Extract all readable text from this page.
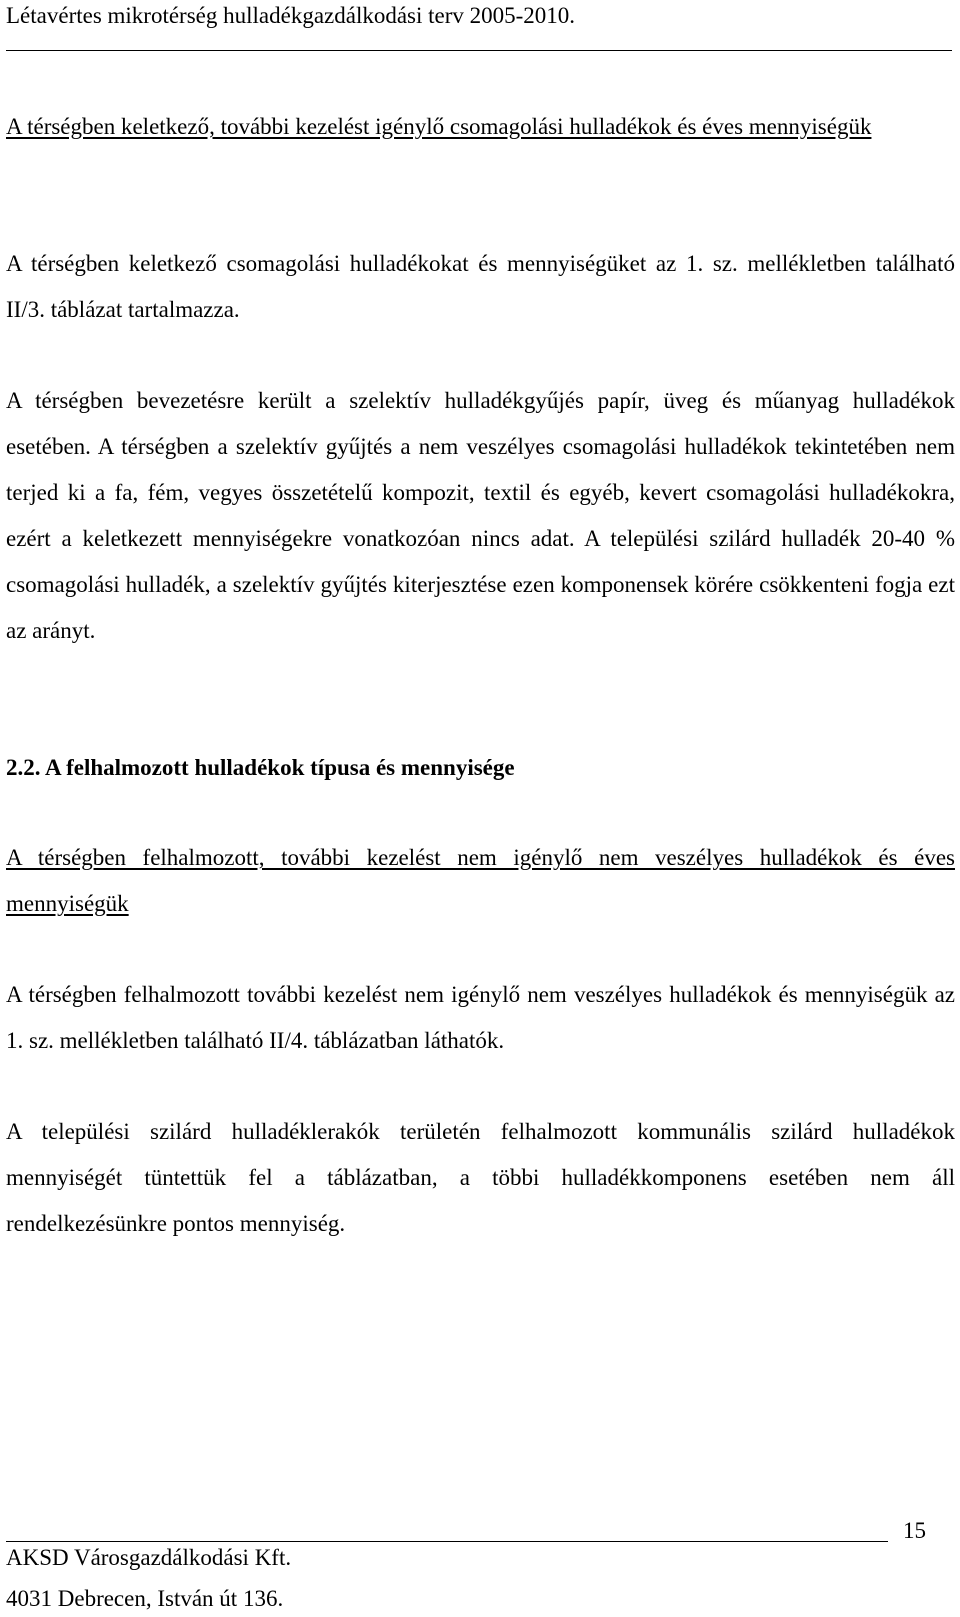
Létavértes mikrotérség hulladékgazdálkodási terv 2005-2010.

A térségben keletkező, további kezelést igénylő csomagolási hulladékok és éves mennyiségük

A térségben keletkező csomagolási hulladékokat és mennyiségüket az 1. sz. mellékletben található II/3. táblázat tartalmazza.

A térségben bevezetésre került a szelektív hulladékgyűjés papír, üveg és műanyag hulladékok esetében. A térségben a szelektív gyűjtés a nem veszélyes csomagolási hulladékok tekintetében nem terjed ki a fa, fém, vegyes összetételű kompozit, textil és egyéb, kevert csomagolási hulladékokra, ezért a keletkezett mennyiségekre vonatkozóan nincs adat. A települési szilárd hulladék 20-40 % csomagolási hulladék, a szelektív gyűjtés kiterjesztése ezen komponensek körére csökkenteni fogja ezt az arányt.

2.2. A felhalmozott hulladékok típusa és mennyisége

A térségben felhalmozott, további kezelést nem igénylő nem veszélyes hulladékok és éves mennyiségük

A térségben felhalmozott további kezelést nem igénylő nem veszélyes hulladékok és mennyiségük az 1. sz. mellékletben található II/4. táblázatban láthatók.

A települési szilárd hulladéklerakók területén felhalmozott kommunális szilárd hulladékok mennyiségét tüntettük fel a táblázatban, a többi hulladékkomponens esetében nem áll rendelkezésünkre pontos mennyiség.

15
AKSD Városgazdálkodási Kft.
4031 Debrecen, István út 136.
